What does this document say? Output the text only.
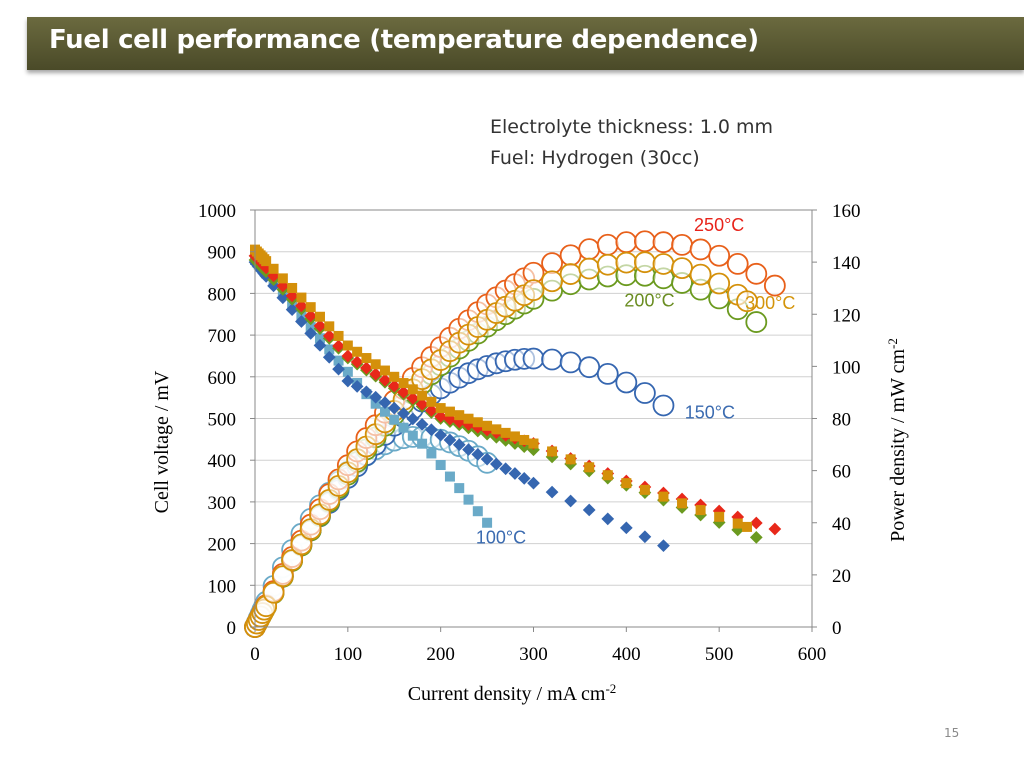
Fuel cell performance (temperature dependence)
Electrolyte thickness: 1.0 mm
Fuel: Hydrogen (30cc)
0
100
200
300
400
500
600
700
800
900
1000
0
20
40
60
80
100
120
140
160
0	100	200	300	400	500	600
250°C
200°C	300°C
150°C
100°C
Current density / mA $cm^{-2}$
Cell voltage / mV	Power density / mW $cm^{-2}$
15
